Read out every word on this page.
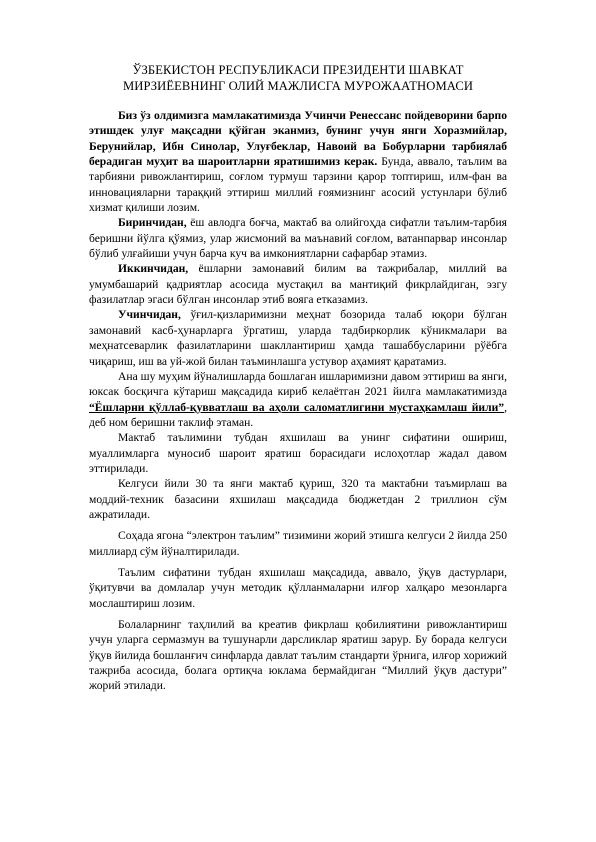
ЎЗБЕКИСТОН РЕСПУБЛИКАСИ ПРЕЗИДЕНТИ ШАВКАТ
МИРЗИЁЕВНИНГ ОЛИЙ МАЖЛИСГА МУРОЖААТНОМАСИ

Биз ўз олдимизга мамлакатимизда Учинчи Ренессанс пойдеворини барпо этишдек улуғ мақсадни қўйган эканмиз, бунинг учун янги Хоразмийлар, Берунийлар, Ибн Синолар, Улуғбеклар, Навоий ва Бобурларни тарбиялаб берадиган муҳит ва шароитларни яратишимиз керак. Бунда, аввало, таълим ва тарбияни ривожлантириш, соғлом турмуш тарзини қарор топтириш, илм-фан ва инновацияларни тараққий эттириш миллий ғоямизнинг асосий устунлари бўлиб хизмат қилиши лозим.

Биринчидан, ёш авлодга боғча, мактаб ва олийгоҳда сифатли таълим-тарбия беришни йўлга қўямиз, улар жисмоний ва маънавий соғлом, ватанпарвар инсонлар бўлиб улғайиши учун барча куч ва имкониятларни сафарбар этамиз.

Иккинчидан, ёшларни замонавий билим ва тажрибалар, миллий ва умумбашарий қадриятлар асосида мустақил ва мантиқий фикрлайдиган, эзгу фазилатлар эгаси бўлган инсонлар этиб вояга етказамиз.

Учинчидан, ўғил-қизларимизни меҳнат бозорида талаб юқори бўлган замонавий касб-ҳунарларга ўргатиш, уларда тадбиркорлик кўникмалари ва меҳнатсеварлик фазилатларини шакллантириш ҳамда ташаббусларини рўёбга чиқариш, иш ва уй-жой билан таъминлашга устувор аҳамият қаратамиз.

Ана шу муҳим йўналишларда бошлаган ишларимизни давом эттириш ва янги, юксак босқичга кўтариш мақсадида кириб келаётган 2021 йилга мамлакатимизда “Ёшларни қўллаб-қувватлаш ва аҳоли саломатлигини мустаҳкамлаш йили”, деб ном беришни таклиф этаман.

Мактаб таълимини тубдан яхшилаш ва унинг сифатини ошириш, муаллимларга муносиб шароит яратиш борасидаги ислоҳотлар жадал давом эттирилади.

Келгуси йили 30 та янги мактаб қуриш, 320 та мактабни таъмирлаш ва моддий-техник базасини яхшилаш мақсадида бюджетдан 2 триллион сўм ажратилади.

Соҳада ягона “электрон таълим” тизимини жорий этишга келгуси 2 йилда 250 миллиард сўм йўналтирилади.

Таълим сифатини тубдан яхшилаш мақсадида, аввало, ўқув дастурлари, ўқитувчи ва домлалар учун методик қўлланмаларни илғор халқаро мезонларга мослаштириш лозим.

Болаларнинг таҳлилий ва креатив фикрлаш қобилиятини ривожлантириш учун уларга сермазмун ва тушунарли дарсликлар яратиш зарур. Бу борада келгуси ўқув йилида бошланғич синфларда давлат таълим стандарти ўрнига, илғор хорижий тажриба асосида, болага ортиқча юклама бермайдиган “Миллий ўқув дастури” жорий этилади.
